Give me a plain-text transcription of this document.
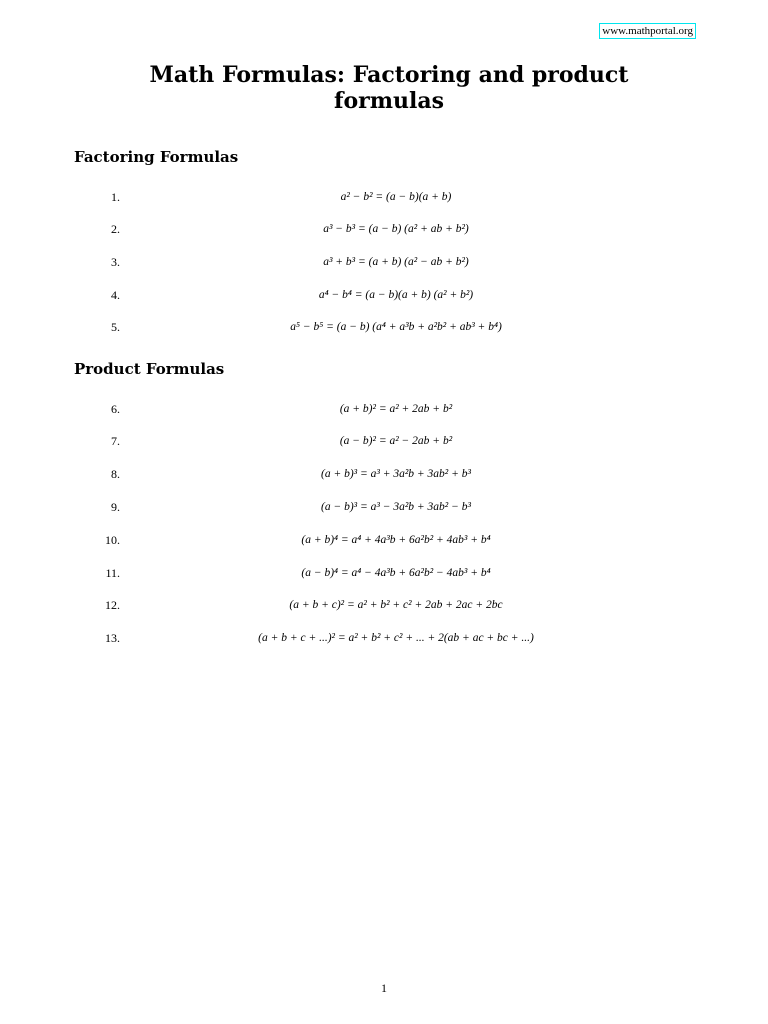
www.mathportal.org
Math Formulas: Factoring and product formulas
Factoring Formulas
1.	a² − b² = (a − b)(a + b)
2.	a³ − b³ = (a − b) (a² + ab + b²)
3.	a³ + b³ = (a + b) (a² − ab + b²)
4.	a⁴ − b⁴ = (a − b)(a + b) (a² + b²)
5.	a⁵ − b⁵ = (a − b) (a⁴ + a³b + a²b² + ab³ + b⁴)
Product Formulas
6.	(a + b)² = a² + 2ab + b²
7.	(a − b)² = a² − 2ab + b²
8.	(a + b)³ = a³ + 3a²b + 3ab² + b³
9.	(a − b)³ = a³ − 3a²b + 3ab² − b³
10.	(a + b)⁴ = a⁴ + 4a³b + 6a²b² + 4ab³ + b⁴
11.	(a − b)⁴ = a⁴ − 4a³b + 6a²b² − 4ab³ + b⁴
12.	(a + b + c)² = a² + b² + c² + 2ab + 2ac + 2bc
13.	(a + b + c + ...)² = a² + b² + c² + ... + 2(ab + ac + bc + ...)
1
